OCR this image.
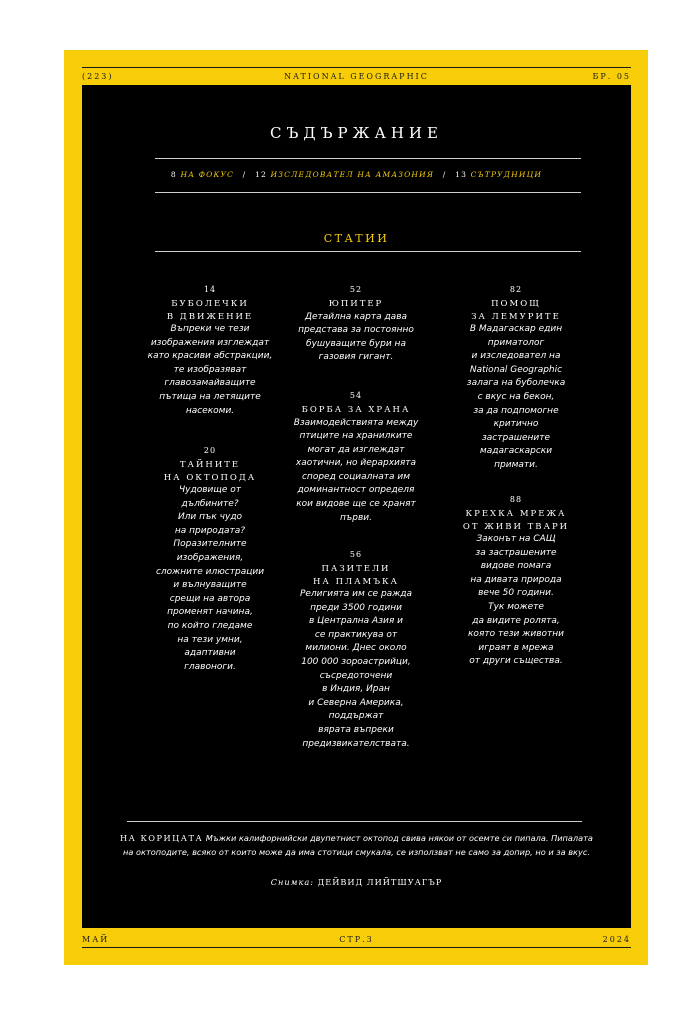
(223)	NATIONAL GEOGRAPHIC	БР. 05
СЪДЪРЖАНИЕ
8 НА ФОКУС / 12 ИЗСЛЕДОВАТЕЛ НА АМАЗОНИЯ / 13 СЪТРУДНИЦИ
СТАТИИ
14
БУБОЛЕЧКИ
В ДВИЖЕНИЕ
Въпреки че тези
изображения изглеждат
като красиви абстракции,
те изобразяват
главозамайващите
пътища на летящите
насекоми.
20
ТАЙНИТЕ
НА ОКТОПОДА
Чудовище от
дълбините?
Или пък чудо
на природата?
Поразителните
изображения,
сложните илюстрации
и вълнуващите
срещи на автора
променят начина,
по който гледаме
на тези умни,
адаптивни
главоноги.
52
ЮПИТЕР
Детайлна карта дава
представа за постоянно
бушуващите бури на
газовия гигант.
54
БОРБА ЗА ХРАНА
Взаимодействията между
птиците на хранилките
могат да изглеждат
хаотични, но йерархията
според социалната им
доминантност определя
кои видове ще се хранят
първи.
56
ПАЗИТЕЛИ
НА ПЛАМЪКА
Религията им се ражда
преди 3500 години
в Централна Азия и
се практикува от
милиони. Днес около
100 000 зороастрийци,
съсредоточени
в Индия, Иран
и Северна Америка,
поддържат
вярата въпреки
предизвикателствата.
82
ПОМОЩ
ЗА ЛЕМУРИТЕ
В Мадагаскар един
приматолог
и изследовател на
National Geographic
залага на буболечка
с вкус на бекон,
за да подпомогне
критично
застрашените
мадагаскарски
примати.
88
КРЕХКА МРЕЖА
ОТ ЖИВИ ТВАРИ
Законът на САЩ
за застрашените
видове помага
на дивата природа
вече 50 години.
Тук можете
да видите ролята,
която тези животни
играят в мрежа
от други същества.
НА КОРИЦАТА Мъжки калифорнийски двупетнист октопод свива някои от осемте си пипала. Пипалата на октоподите, всяко от които може да има стотици смукала, се използват не само за допир, но и за вкус.
Снимка: ДЕЙВИД ЛИЙТШУАГЪР
МАЙ	СТР.3	2024
